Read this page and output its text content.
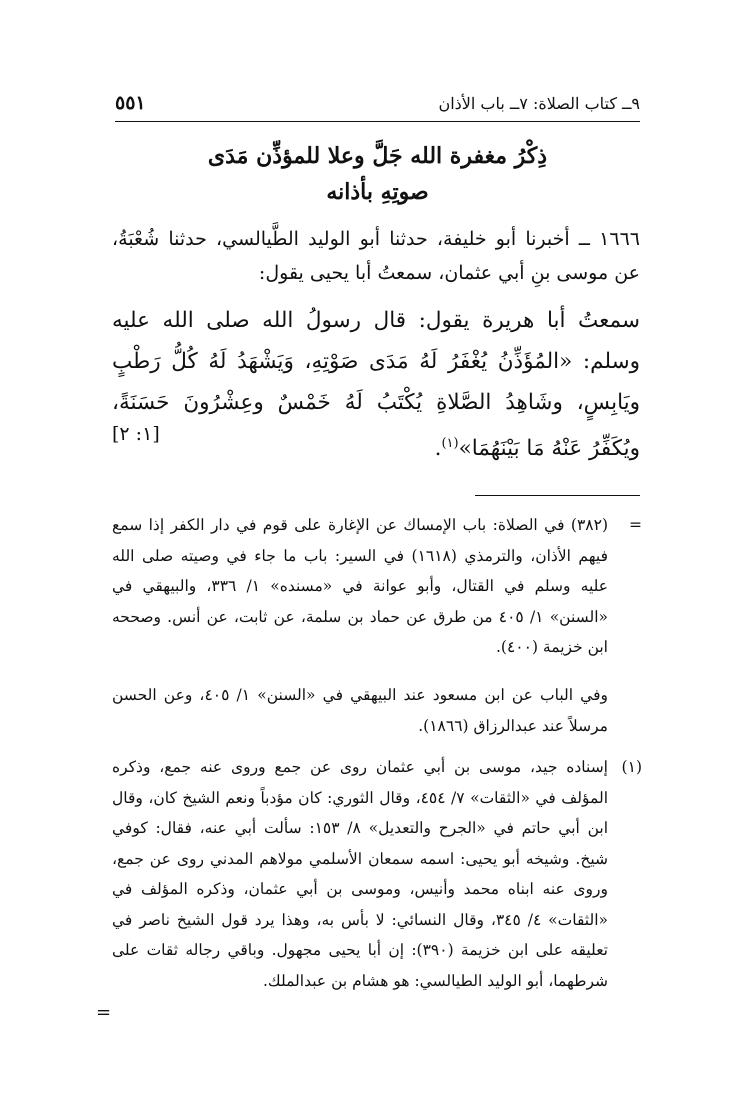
٩ــ كتاب الصلاة: ٧ــ باب الأذان
٥٥١
ذِكْرُ مغفرة الله جَلَّ وعلا للمؤذِّن مَدَى
صوتِهِ بأذانه
١٦٦٦ ــ أخبرنا أبو خليفة، حدثنا أبو الوليد الطَّيالسي، حدثنا شُعْبَةُ، عن موسى بنِ أبي عثمان، سمعتُ أبا يحيى يقول:
سمعتُ أبا هريرة يقول: قال رسولُ الله صلى الله عليه وسلم: «المُؤَذِّنُ يُغْفَرُ لَهُ مَدَى صَوْتِهِ، وَيَشْهَدُ لَهُ كُلُّ رَطْبٍ ويَابِسٍ، وشَاهِدُ الصَّلاةِ يُكْتَبُ لَهُ خَمْسٌ وعِشْرُونَ حَسَنَةً، ويُكَفِّرُ عَنْهُ مَا بَيْنَهُمَا»$^{(١)}$.
[١: ٢]
=
(٣٨٢) في الصلاة: باب الإمساك عن الإغارة على قوم في دار الكفر إذا سمع فيهم الأذان، والترمذي (١٦١٨) في السير: باب ما جاء في وصيته صلى الله عليه وسلم في القتال، وأبو عوانة في «مسنده» ١/ ٣٣٦، والبيهقي في «السنن» ١/ ٤٠٥ من طرق عن حماد بن سلمة، عن ثابت، عن أنس. وصححه ابن خزيمة (٤٠٠).
وفي الباب عن ابن مسعود عند البيهقي في «السنن» ١/ ٤٠٥، وعن الحسن مرسلاً عند عبدالرزاق (١٨٦٦).
(١)
إسناده جيد، موسى بن أبي عثمان روى عن جمع وروى عنه جمع، وذكره المؤلف في «الثقات» ٧/ ٤٥٤، وقال الثوري: كان مؤدباً ونعم الشيخ كان، وقال ابن أبي حاتم في «الجرح والتعديل» ٨/ ١٥٣: سألت أبي عنه، فقال: كوفي شيخ. وشيخه أبو يحيى: اسمه سمعان الأسلمي مولاهم المدني روى عن جمع، وروى عنه ابناه محمد وأنيس، وموسى بن أبي عثمان، وذكره المؤلف في «الثقات» ٤/ ٣٤٥، وقال النسائي: لا بأس به، وهذا يرد قول الشيخ ناصر في تعليقه على ابن خزيمة (٣٩٠): إن أبا يحيى مجهول. وباقي رجاله ثقات على شرطهما، أبو الوليد الطيالسي: هو هشام بن عبدالملك.
=
